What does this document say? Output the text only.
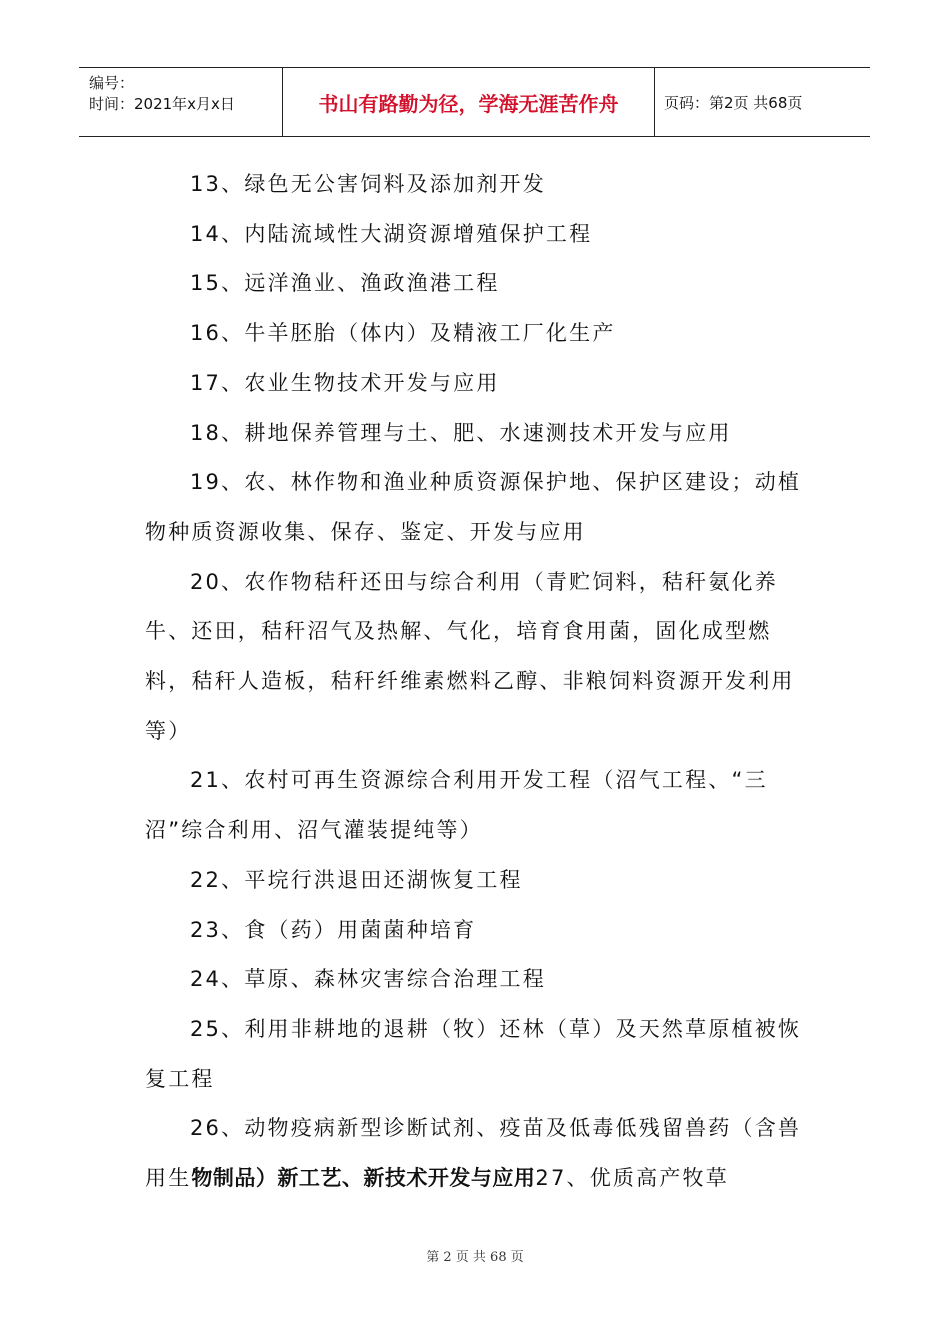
编号：
时间：2021年x月x日	书山有路勤为径，学海无涯苦作舟	页码：第2页 共68页

13、绿色无公害饲料及添加剂开发

14、内陆流域性大湖资源增殖保护工程

15、远洋渔业、渔政渔港工程

16、牛羊胚胎（体内）及精液工厂化生产

17、农业生物技术开发与应用

18、耕地保养管理与土、肥、水速测技术开发与应用

19、农、林作物和渔业种质资源保护地、保护区建设；动植物种质资源收集、保存、鉴定、开发与应用

20、农作物秸秆还田与综合利用（青贮饲料，秸秆氨化养牛、还田，秸秆沼气及热解、气化，培育食用菌，固化成型燃料，秸秆人造板，秸秆纤维素燃料乙醇、非粮饲料资源开发利用等）

21、农村可再生资源综合利用开发工程（沼气工程、“三沼”综合利用、沼气灌装提纯等）

22、平垸行洪退田还湖恢复工程

23、食（药）用菌菌种培育

24、草原、森林灾害综合治理工程

25、利用非耕地的退耕（牧）还林（草）及天然草原植被恢复工程

26、动物疫病新型诊断试剂、疫苗及低毒低残留兽药（含兽用生物制品）新工艺、新技术开发与应用27、优质高产牧草

第 2 页 共 68 页
